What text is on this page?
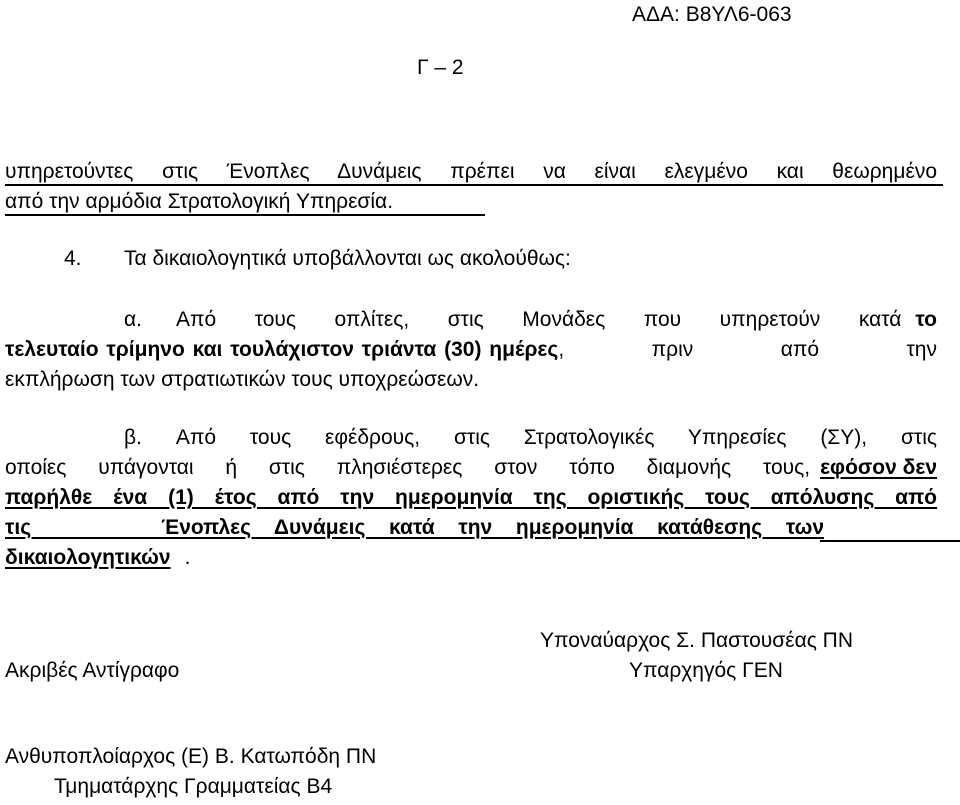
ΑΔΑ: Β8ΥΛ6-063
Γ – 2
υπηρετούντες στις Ένοπλες Δυνάμεις πρέπει να είναι ελεγμένο και θεωρημένο
από την αρμόδια Στρατολογική Υπηρεσία.
4. Τα δικαιολογητικά υποβάλλονται ως ακολούθως:
α. Από τους οπλίτες, στις Μονάδες που υπηρετούν κατά το
τελευταίο τρίμηνο και τουλάχιστον τριάντα (30) ημέρες , πριν από την
εκπλήρωση των στρατιωτικών τους υποχρεώσεων.
β. Από τους εφέδρους, στις Στρατολογικές Υπηρεσίες (ΣΥ), στις
οποίες υπάγονται ή στις πλησιέστερες στον τόπο διαμονής τους, εφόσον δεν
παρήλθε ένα (1) έτος από την ημερομηνία της οριστικής τους απόλυσης από
τις           Ένοπλες  Δυνάμεις  κατά  την  ημερομηνία  κατάθεσης  των
δικαιολογητικών .
Υποναύαρχος Σ. Παστουσέας ΠΝ
Υπαρχηγός ΓΕΝ
Ακριβές Αντίγραφο
Ανθυποπλοίαρχος (Ε) Β. Κατωπόδη ΠΝ
Τμηματάρχης Γραμματείας Β4
